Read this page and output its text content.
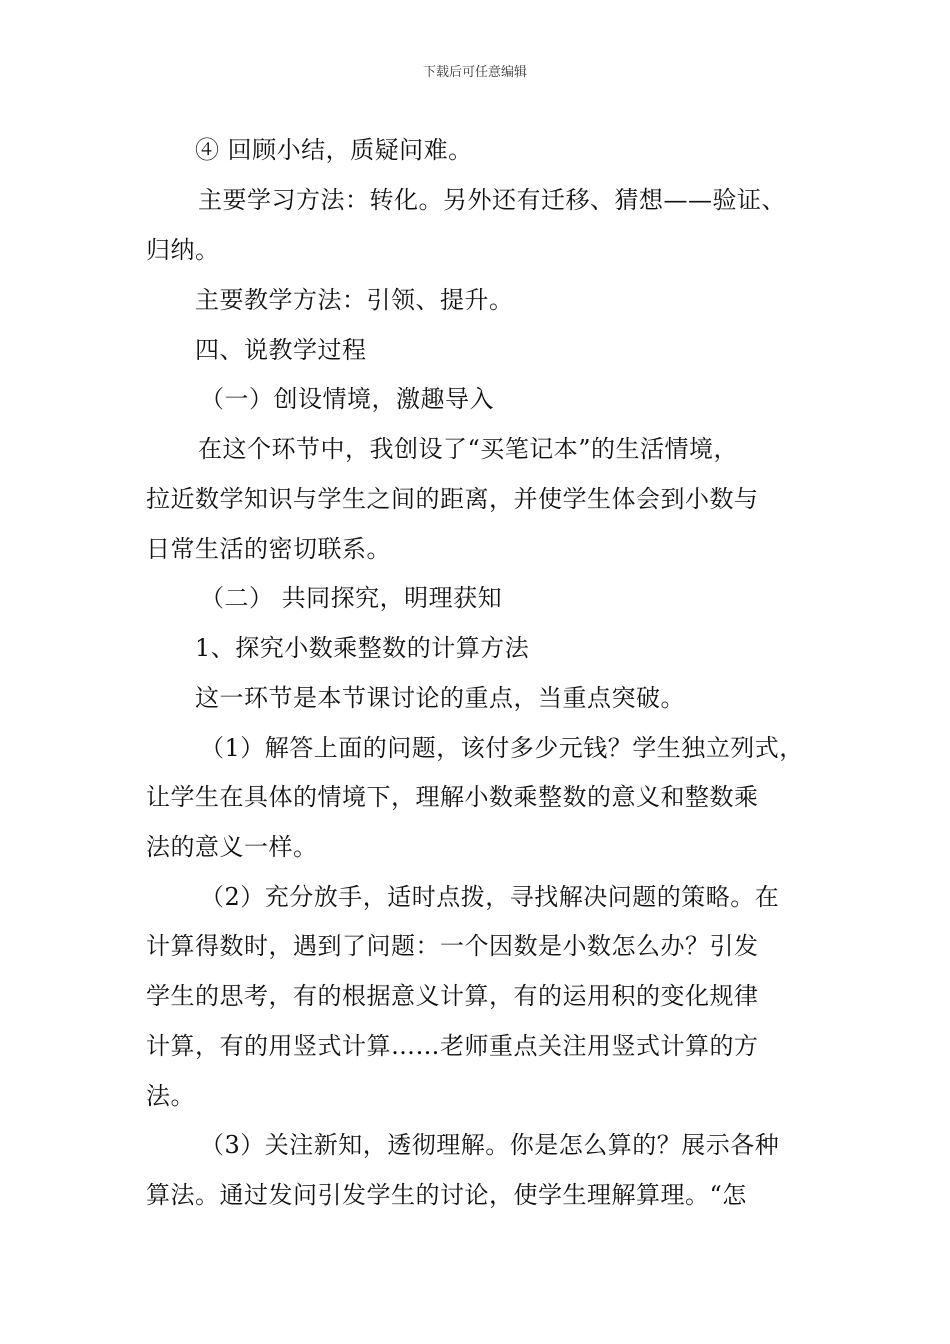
下载后可任意编辑
④ 回顾小结，质疑问难。
主要学习方法：转化。另外还有迁移、猜想——验证、
归纳。
主要教学方法：引领、提升。
四、说教学过程
（一）创设情境，激趣导入
在这个环节中，我创设了“买笔记本”的生活情境，
拉近数学知识与学生之间的距离，并使学生体会到小数与
日常生活的密切联系。
（二） 共同探究，明理获知
1、探究小数乘整数的计算方法
这一环节是本节课讨论的重点，当重点突破。
（1）解答上面的问题，该付多少元钱？学生独立列式，
让学生在具体的情境下，理解小数乘整数的意义和整数乘
法的意义一样。
（2）充分放手，适时点拨，寻找解决问题的策略。在
计算得数时，遇到了问题：一个因数是小数怎么办？引发
学生的思考，有的根据意义计算，有的运用积的变化规律
计算，有的用竖式计算……老师重点关注用竖式计算的方
法。
（3）关注新知，透彻理解。你是怎么算的？展示各种
算法。通过发问引发学生的讨论，使学生理解算理。“怎
